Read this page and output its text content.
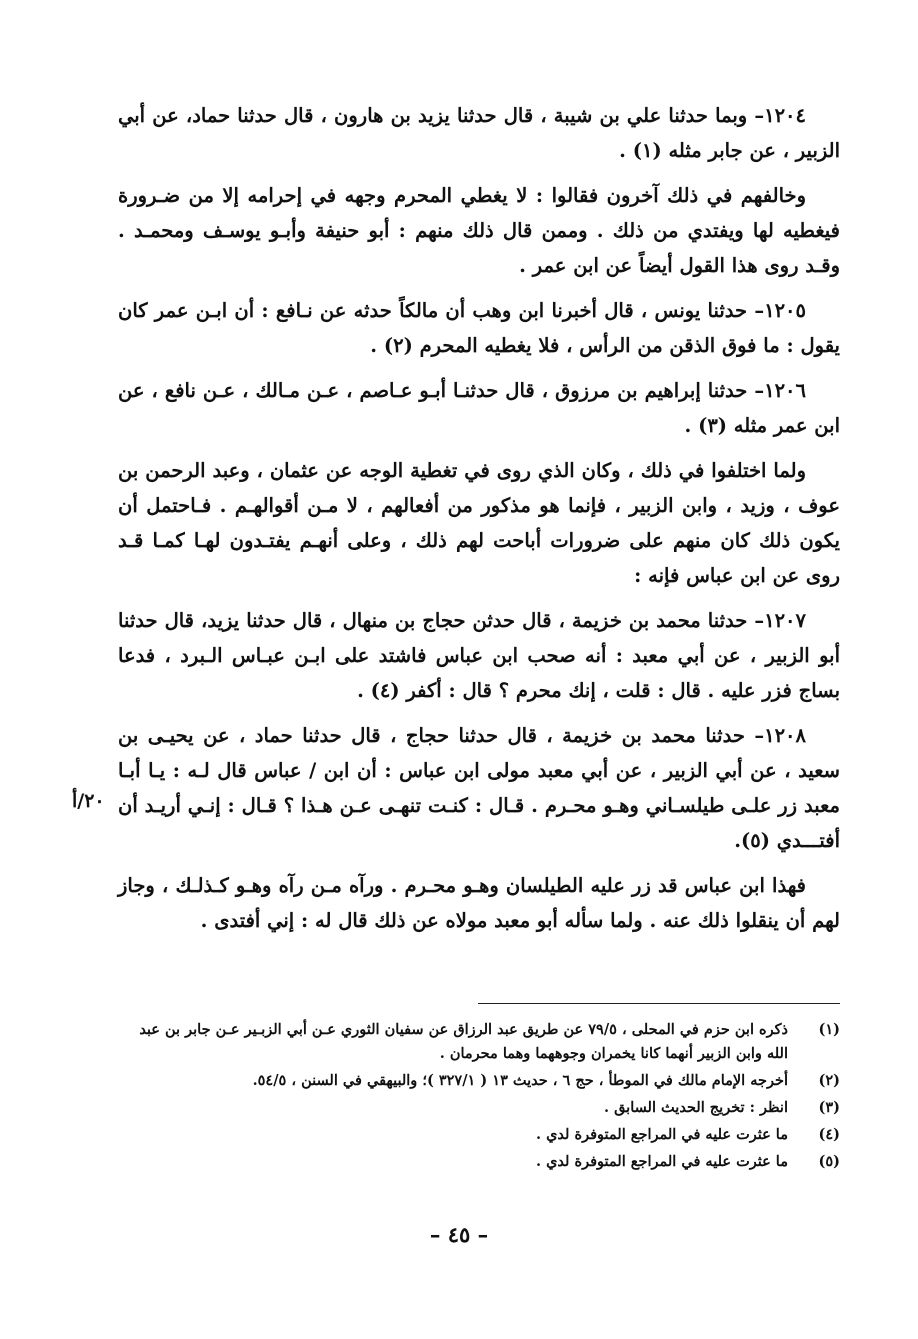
١٢٠٤– وبما حدثنا علي بن شيبة ، قال حدثنا يزيد بن هارون ، قال حدثنا حماد، عن أبي الزبير ، عن جابر مثله (١) .

وخالفهم في ذلك آخرون فقالوا : لا يغطي المحرم وجهه في إحرامه إلا من ضـرورة فيغطيه لها ويفتدي من ذلك . وممن قال ذلك منهم : أبو حنيفة وأبـو يوسـف ومحمـد . وقـد روى هذا القول أيضاً عن ابن عمر .

١٢٠٥– حدثنا يونس ، قال أخبرنا ابن وهب أن مالكاً حدثه عن نـافع : أن ابـن عمر كان يقول : ما فوق الذقن من الرأس ، فلا يغطيه المحرم (٢) .

١٢٠٦– حدثنا إبراهيم بن مرزوق ، قال حدثنـا أبـو عـاصم ، عـن مـالك ، عـن نافع ، عن ابن عمر مثله (٣) .

ولما اختلفوا في ذلك ، وكان الذي روى في تغطية الوجه عن عثمان ، وعبد الرحمن بن عوف ، وزيد ، وابن الزبير ، فإنما هو مذكور من أفعالهم ، لا مـن أقوالهـم . فـاحتمل أن يكون ذلك كان منهم على ضرورات أباحت لهم ذلك ، وعلى أنهـم يفتـدون لهـا كمـا قـد روى عن ابن عباس فإنه :

١٢٠٧– حدثنا محمد بن خزيمة ، قال حدثن حجاج بن منهال ، قال حدثنا يزيد، قال حدثنا أبو الزبير ، عن أبي معبد : أنه صحب ابن عباس فاشتد على ابـن عبـاس الـبرد ، فدعا بساج فزر عليه . قال : قلت ، إنك محرم ؟ قال : أكفر (٤) .

١٢٠٨– حدثنا محمد بن خزيمة ، قال حدثنا حجاج ، قال حدثنا حماد ، عن يحيـى بن سعيد ، عن أبي الزبير ، عن أبي معبد مولى ابن عباس : أن ابن / عباس قال لـه : يـا أبـا معبد زر علـى طيلسـاني وهـو محـرم . قـال : كنـت تنهـى عـن هـذا ؟ قـال : إنـي أريـد أن أفتـــدي (٥).

فهذا ابن عباس قد زر عليه الطيلسان وهـو محـرم . ورآه مـن رآه وهـو كـذلـك ، وجاز لهم أن ينقلوا ذلك عنه . ولما سأله أبو معبد مولاه عن ذلك قال له : إني أفتدى .

٢٠/أ
(١)
ذكره ابن حزم في المحلى ، ٧٩/٥ عن طريق عبد الرزاق عن سفيان الثوري عـن أبي الزبـير عـن جابر بن عبد الله وابن الزبير أنهما كانا يخمران وجوههما وهما محرمان .
(٢)
أخرجه الإمام مالك في الموطأ ، حج ٦ ، حديث ١٣ ( ٣٢٧/١ )؛ والبيهقي في السنن ، ٥٤/٥.
(٣)
انظر : تخريج الحديث السابق .
(٤)
ما عثرت عليه في المراجع المتوفرة لدي .
(٥)
ما عثرت عليه في المراجع المتوفرة لدي .
– ٤٥ –
